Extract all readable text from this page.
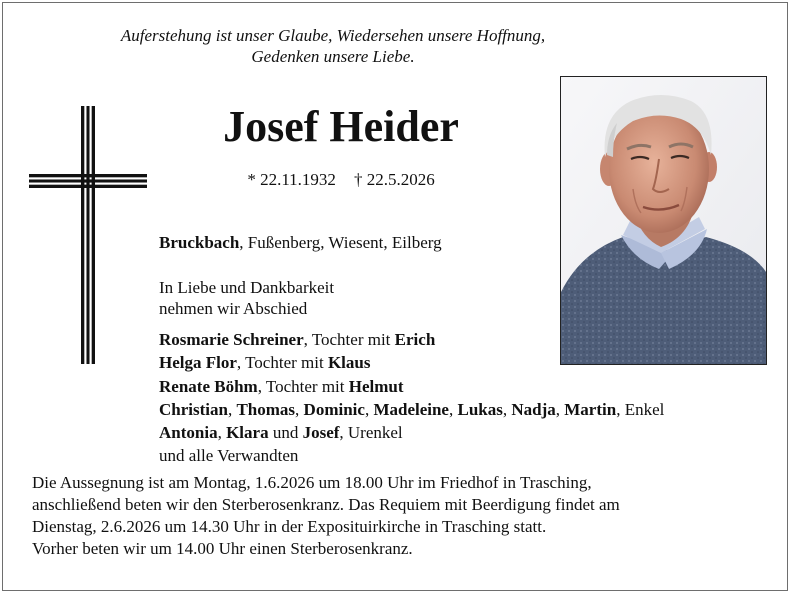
Auferstehung ist unser Glaube, Wiedersehen unsere Hoffnung,
Gedenken unsere Liebe.
Josef Heider
* 22.11.1932 † 22.5.2026
Bruckbach, Fußenberg, Wiesent, Eilberg
In Liebe und Dankbarkeit
nehmen wir Abschied
Rosmarie Schreiner, Tochter mit Erich
Helga Flor, Tochter mit Klaus
Renate Böhm, Tochter mit Helmut
Christian, Thomas, Dominic, Madeleine, Lukas, Nadja, Martin, Enkel
Antonia, Klara und Josef, Urenkel
und alle Verwandten
Die Aussegnung ist am Montag, 1.6.2026 um 18.00 Uhr im Friedhof in Trasching,
anschließend beten wir den Sterberosenkranz. Das Requiem mit Beerdigung findet am
Dienstag, 2.6.2026 um 14.30 Uhr in der Exposituirkirche in Trasching statt.
Vorher beten wir um 14.00 Uhr einen Sterberosenkranz.
